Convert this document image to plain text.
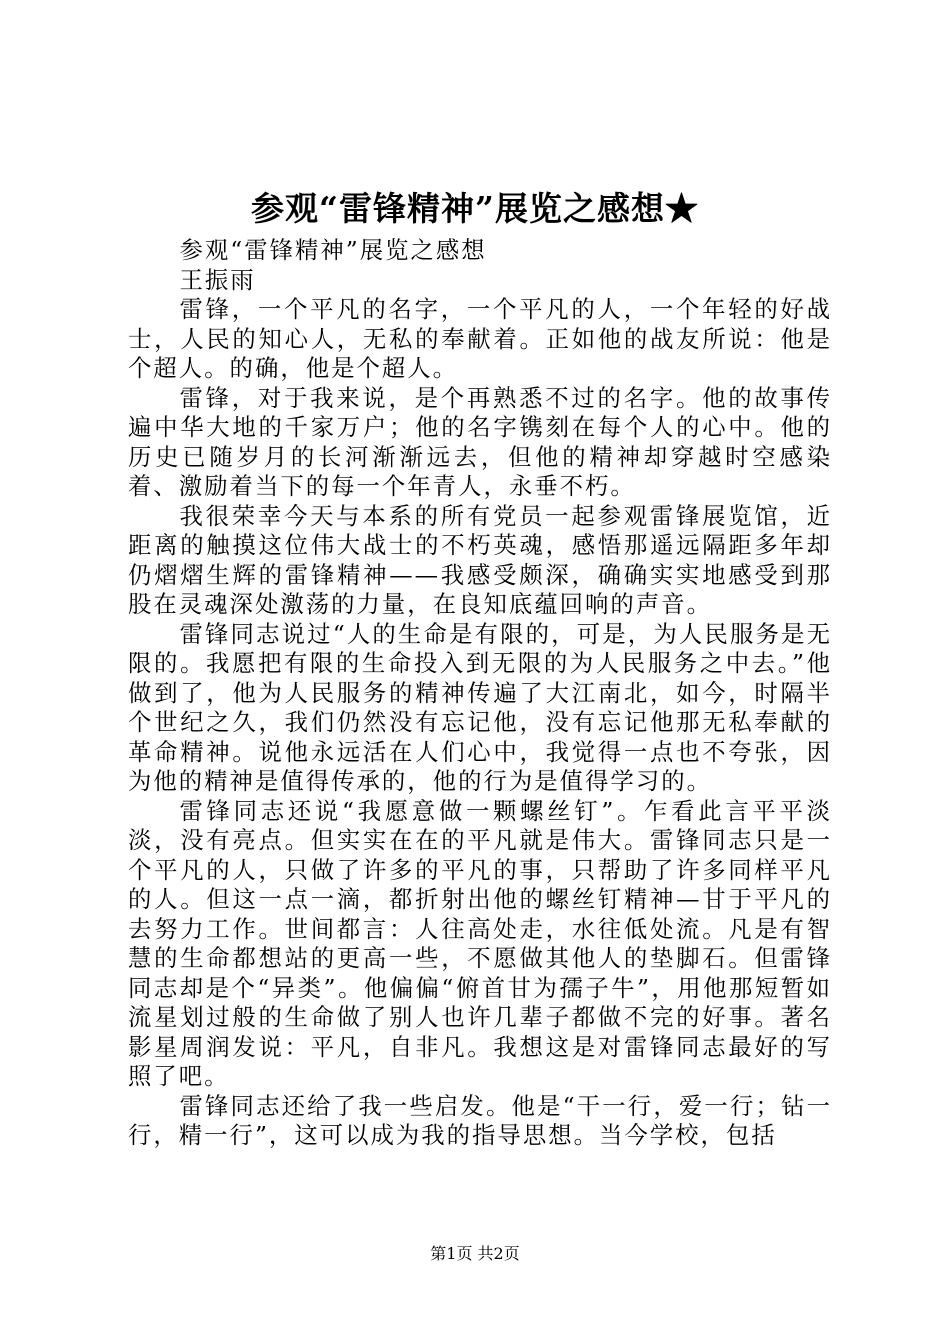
参观“雷锋精神”展览之感想★

参观“雷锋精神”展览之感想

王振雨

雷锋，一个平凡的名字，一个平凡的人，一个年轻的好战士，人民的知心人，无私的奉献着。正如他的战友所说：他是个超人。的确，他是个超人。

雷锋，对于我来说，是个再熟悉不过的名字。他的故事传遍中华大地的千家万户；他的名字镌刻在每个人的心中。他的历史已随岁月的长河渐渐远去，但他的精神却穿越时空感染着、激励着当下的每一个年青人，永垂不朽。

我很荣幸今天与本系的所有党员一起参观雷锋展览馆，近距离的触摸这位伟大战士的不朽英魂，感悟那遥远隔距多年却仍熠熠生辉的雷锋精神——我感受颇深，确确实实地感受到那股在灵魂深处激荡的力量，在良知底蕴回响的声音。

雷锋同志说过“人的生命是有限的，可是，为人民服务是无限的。我愿把有限的生命投入到无限的为人民服务之中去。”他做到了，他为人民服务的精神传遍了大江南北，如今，时隔半个世纪之久，我们仍然没有忘记他，没有忘记他那无私奉献的革命精神。说他永远活在人们心中，我觉得一点也不夸张，因为他的精神是值得传承的，他的行为是值得学习的。

雷锋同志还说“我愿意做一颗螺丝钉”。乍看此言平平淡淡，没有亮点。但实实在在的平凡就是伟大。雷锋同志只是一个平凡的人，只做了许多的平凡的事，只帮助了许多同样平凡的人。但这一点一滴，都折射出他的螺丝钉精神—甘于平凡的去努力工作。世间都言：人往高处走，水往低处流。凡是有智慧的生命都想站的更高一些，不愿做其他人的垫脚石。但雷锋同志却是个“异类”。他偏偏“俯首甘为孺子牛”，用他那短暂如流星划过般的生命做了别人也许几辈子都做不完的好事。著名影星周润发说：平凡，自非凡。我想这是对雷锋同志最好的写照了吧。

雷锋同志还给了我一些启发。他是“干一行，爱一行；钻一行，精一行”，这可以成为我的指导思想。当今学校，包括

第1页 共2页
